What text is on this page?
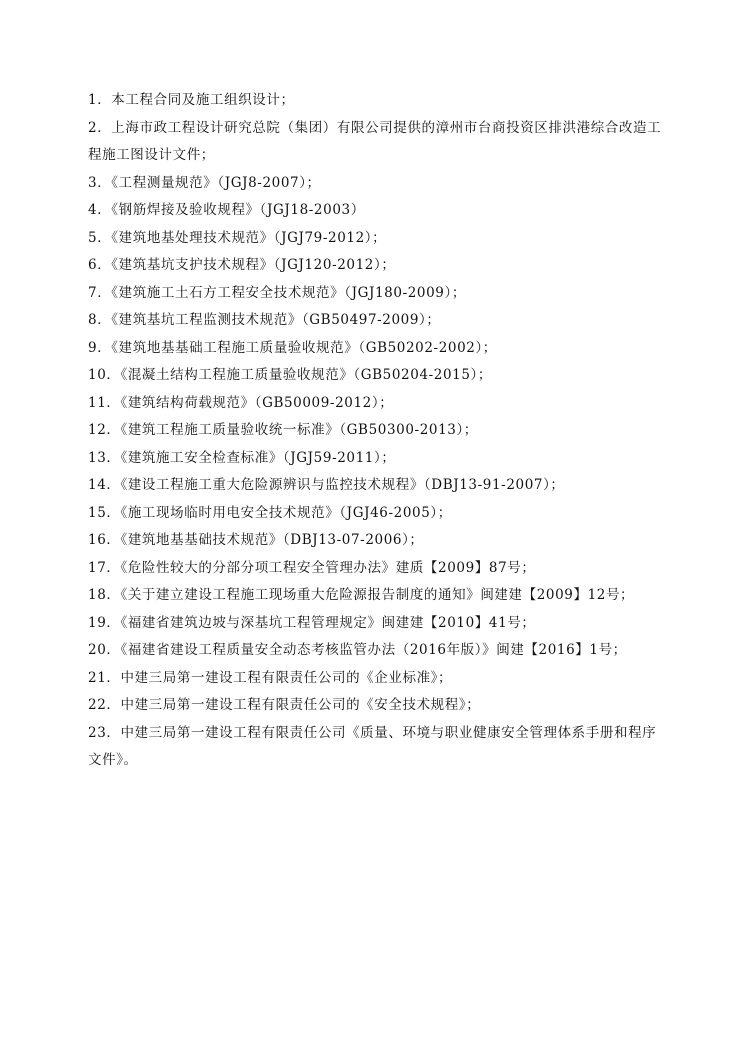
1．本工程合同及施工组织设计；
2．上海市政工程设计研究总院（集团）有限公司提供的漳州市台商投资区排洪港综合改造工程施工图设计文件；
3．《工程测量规范》（JGJ8-2007）；
4．《钢筋焊接及验收规程》（JGJ18-2003）
5．《建筑地基处理技术规范》（JGJ79-2012）；
6．《建筑基坑支护技术规程》（JGJ120-2012）；
7．《建筑施工土石方工程安全技术规范》（JGJ180-2009）；
8．《建筑基坑工程监测技术规范》（GB50497-2009）；
9．《建筑地基基础工程施工质量验收规范》（GB50202-2002）；
10．《混凝土结构工程施工质量验收规范》（GB50204-2015）；
11．《建筑结构荷载规范》（GB50009-2012）；
12．《建筑工程施工质量验收统一标准》（GB50300-2013）；
13．《建筑施工安全检查标准》（JGJ59-2011）；
14．《建设工程施工重大危险源辨识与监控技术规程》（DBJ13-91-2007）；
15．《施工现场临时用电安全技术规范》（JGJ46-2005）；
16．《建筑地基基础技术规范》（DBJ13-07-2006）；
17．《危险性较大的分部分项工程安全管理办法》建质【2009】87号；
18．《关于建立建设工程施工现场重大危险源报告制度的通知》闽建建【2009】12号；
19．《福建省建筑边坡与深基坑工程管理规定》闽建建【2010】41号；
20．《福建省建设工程质量安全动态考核监管办法（2016年版）》闽建【2016】1号；
21．中建三局第一建设工程有限责任公司的《企业标准》；
22．中建三局第一建设工程有限责任公司的《安全技术规程》；
23．中建三局第一建设工程有限责任公司《质量、环境与职业健康安全管理体系手册和程序文件》。
